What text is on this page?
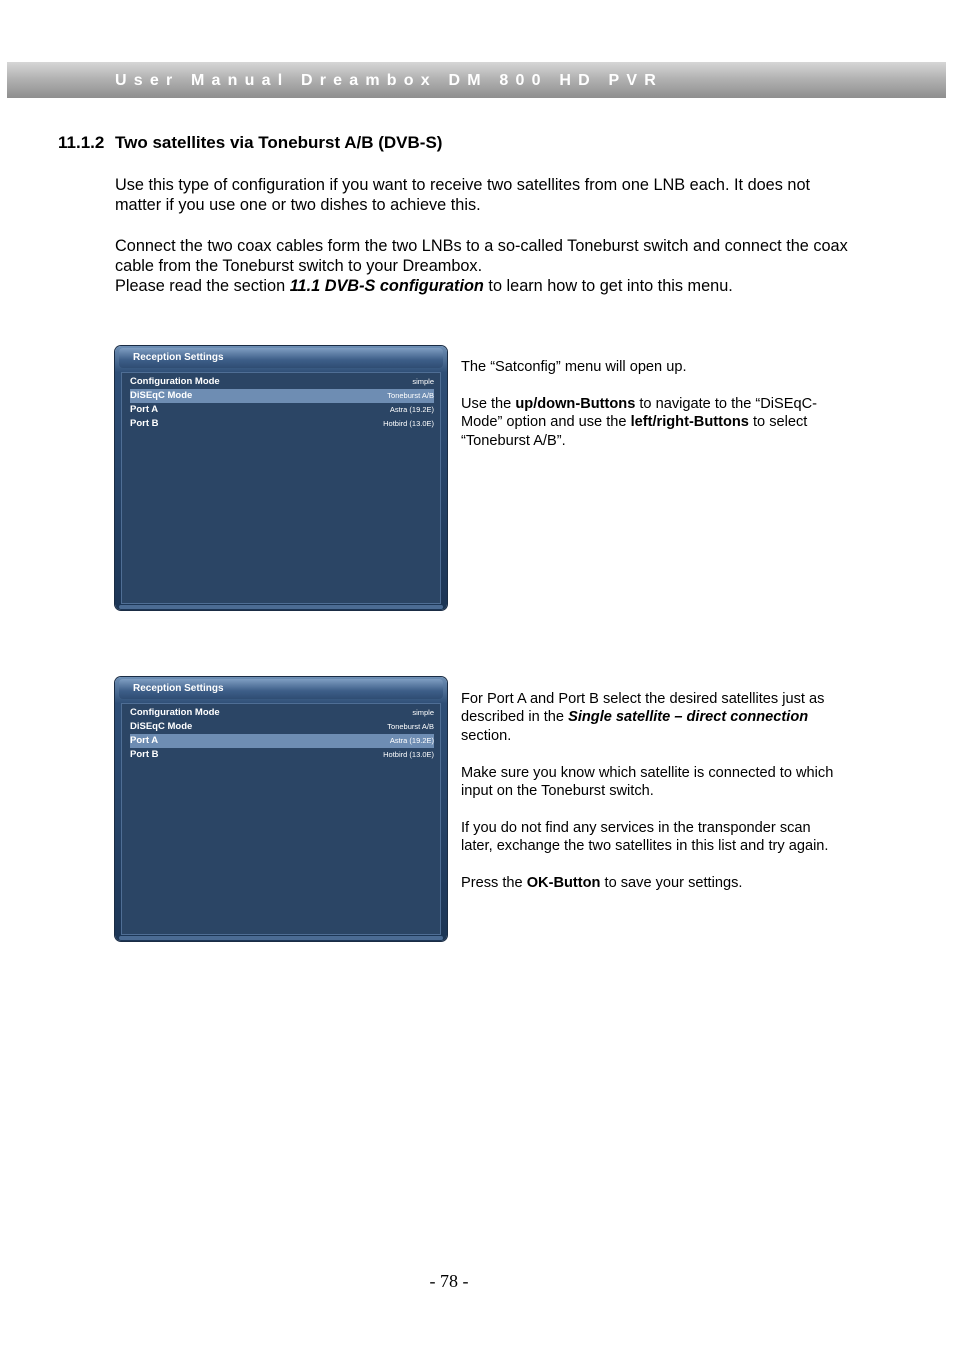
User Manual Dreambox DM 800 HD PVR
11.1.2 Two satellites via Toneburst A/B (DVB-S)

Use this type of configuration if you want to receive two satellites from one LNB each. It does not matter if you use one or two dishes to achieve this.

Connect the two coax cables form the two LNBs to a so-called Toneburst switch and connect the coax cable from the Toneburst switch to your Dreambox.

Please read the section 11.1 DVB-S configuration to learn how to get into this menu.

Reception Settings
Configuration Mode	simple
DiSEqC Mode	Toneburst A/B
Port A	Astra (19.2E)
Port B	Hotbird (13.0E)

The “Satconfig” menu will open up.

Use the up/down-Buttons to navigate to the “DiSEqC-Mode” option and use the left/right-Buttons to select “Toneburst A/B”.

Reception Settings
Configuration Mode	simple
DiSEqC Mode	Toneburst A/B
Port A	Astra (19.2E)
Port B	Hotbird (13.0E)

For Port A and Port B select the desired satellites just as described in the Single satellite – direct connection section.

Make sure you know which satellite is connected to which input on the Toneburst switch.

If you do not find any services in the transponder scan later, exchange the two satellites in this list and try again.

Press the OK-Button to save your settings.

- 78 -
